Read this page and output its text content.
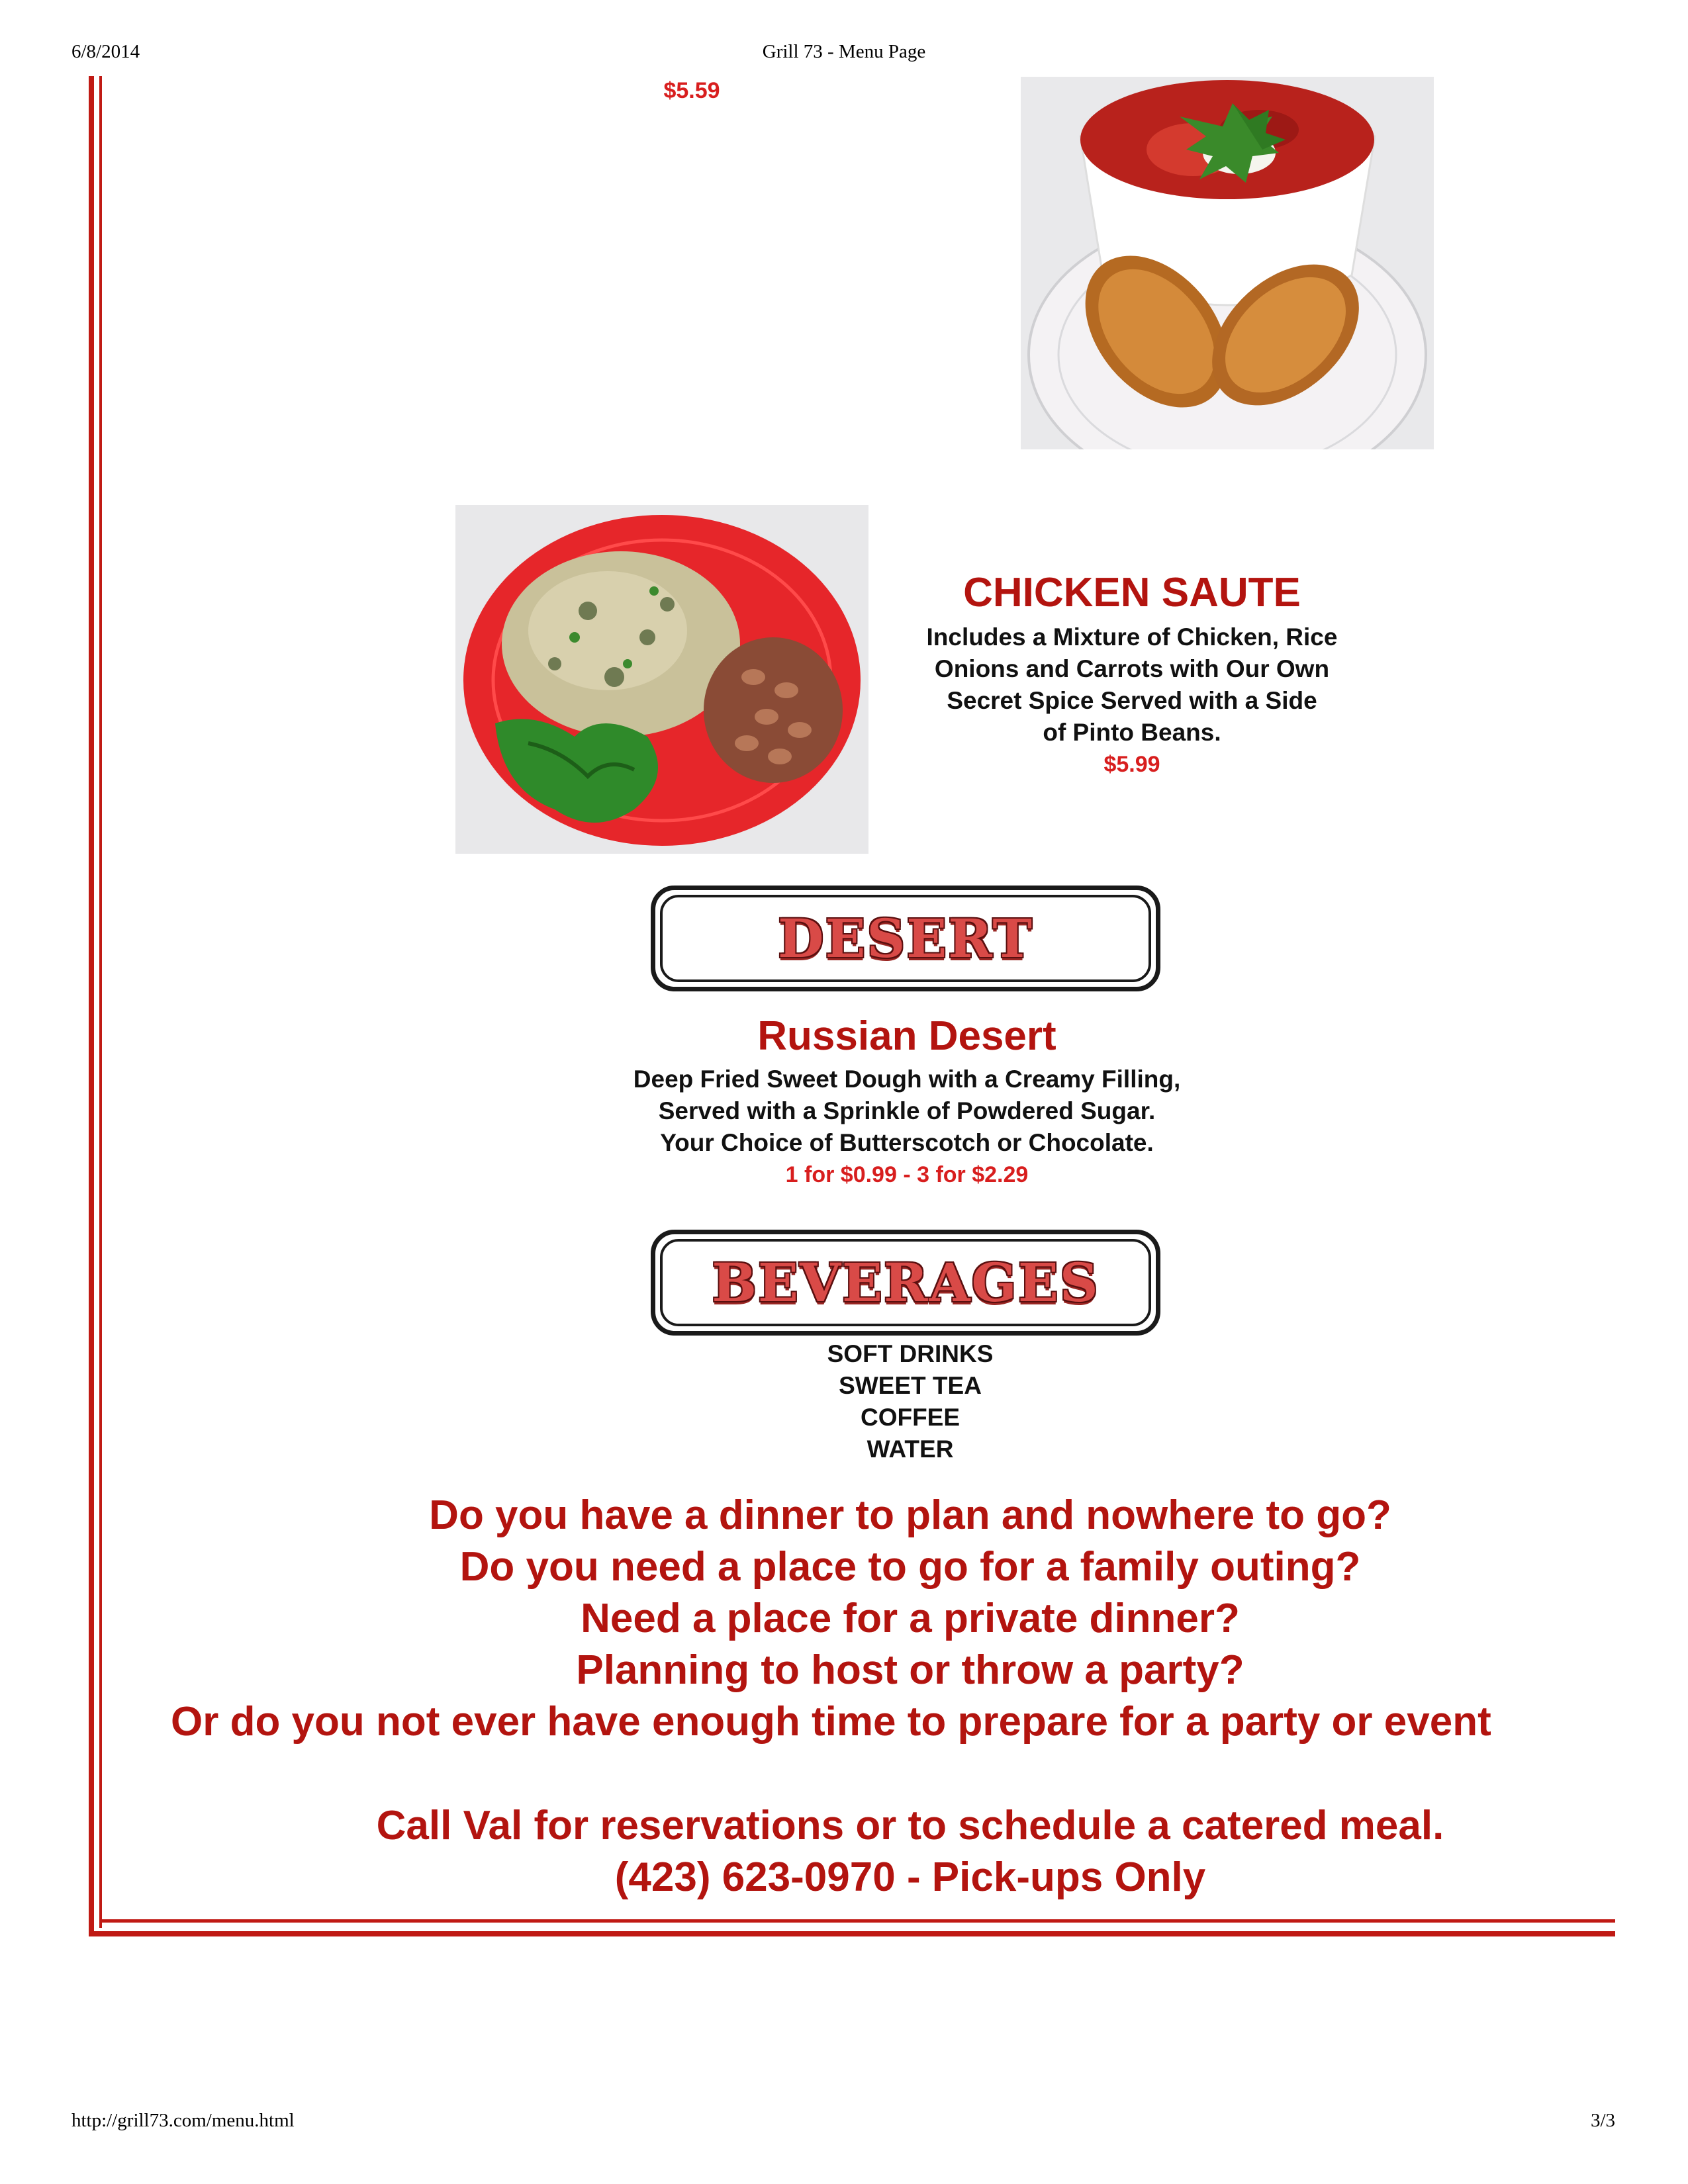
6/8/2014	Grill 73 - Menu Page
http://grill73.com/menu.html	3/3
$5.59
CHICKEN SAUTE
Includes a Mixture of Chicken, Rice
Onions and Carrots with Our Own
Secret Spice Served with a Side
of Pinto Beans.
$5.99
DESERT
Russian Desert
Deep Fried Sweet Dough with a Creamy Filling,
Served with a Sprinkle of Powdered Sugar.
Your Choice of Butterscotch or Chocolate.
1 for $0.99 - 3 for $2.29
BEVERAGES
SOFT DRINKS
SWEET TEA
COFFEE
WATER
Do you have a dinner to plan and nowhere to go?
Do you need a place to go for a family outing?
Need a place for a private dinner?
Planning to host or throw a party?
Or do you not ever have enough time to prepare for a party or event
Call Val for reservations or to schedule a catered meal.
(423) 623-0970 - Pick-ups Only
